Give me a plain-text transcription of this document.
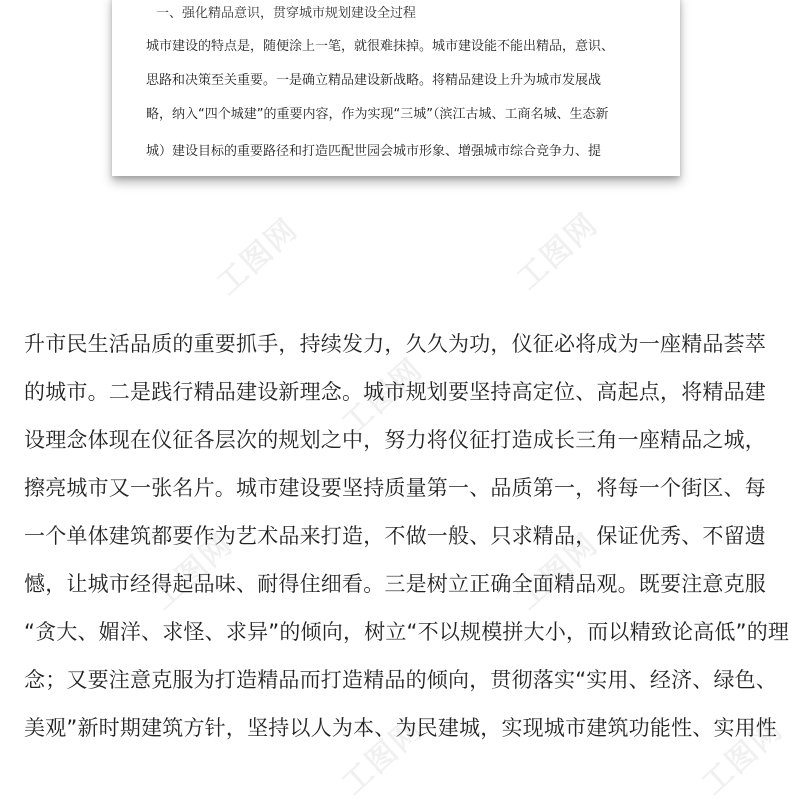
工图网	工图网
工图网
工图网	工图网
工图网	工图网
一、强化精品意识，贯穿城市规划建设全过程
城市建设的特点是，随便涂上一笔，就很难抹掉。城市建设能不能出精品，意识、
思路和决策至关重要。一是确立精品建设新战略。将精品建设上升为城市发展战
略，纳入“四个城建”的重要内容，作为实现“三城”（滨江古城、工商名城、生态新
城）建设目标的重要路径和打造匹配世园会城市形象、增强城市综合竞争力、提
升市民生活品质的重要抓手，持续发力，久久为功，仪征必将成为一座精品荟萃
的城市。二是践行精品建设新理念。城市规划要坚持高定位、高起点，将精品建
设理念体现在仪征各层次的规划之中，努力将仪征打造成长三角一座精品之城，
擦亮城市又一张名片。城市建设要坚持质量第一、品质第一，将每一个街区、每
一个单体建筑都要作为艺术品来打造，不做一般、只求精品，保证优秀、不留遗
憾，让城市经得起品味、耐得住细看。三是树立正确全面精品观。既要注意克服
“贪大、媚洋、求怪、求异”的倾向，树立“不以规模拼大小，而以精致论高低”的理
念；又要注意克服为打造精品而打造精品的倾向，贯彻落实“实用、经济、绿色、
美观”新时期建筑方针，坚持以人为本、为民建城，实现城市建筑功能性、实用性
